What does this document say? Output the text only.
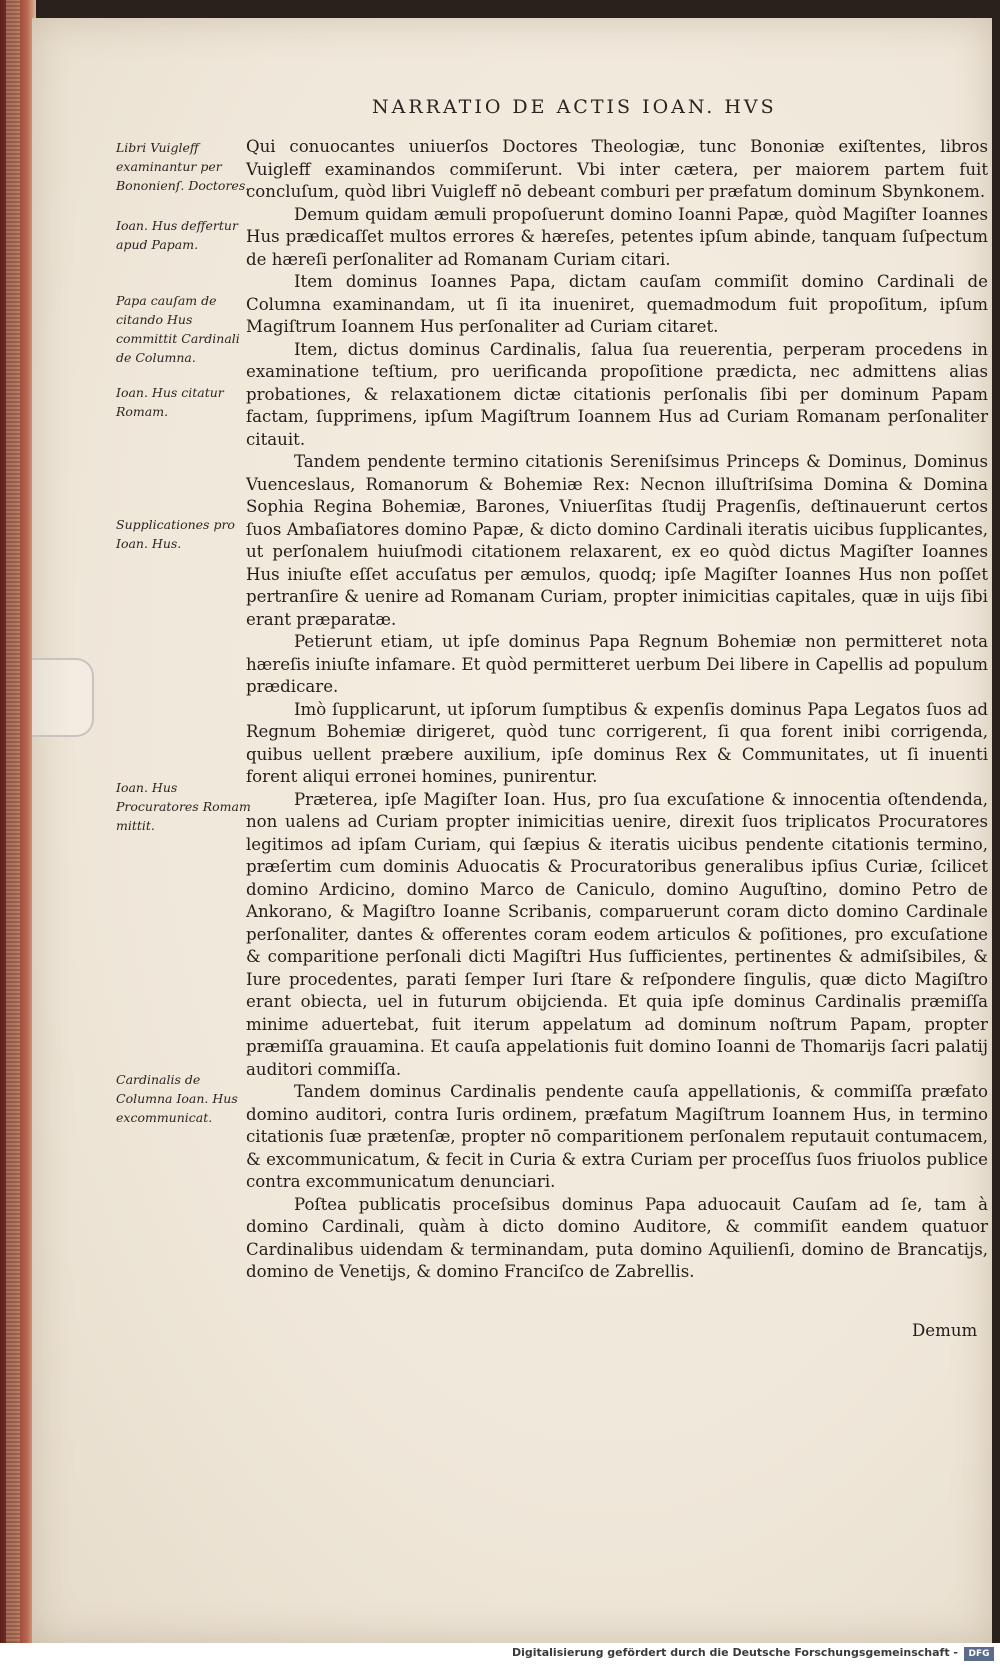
NARRATIO DE ACTIS IOAN. HVS
Libri Vuigleff examinantur per Bononienſ. Doctores.
Ioan. Hus deffertur apud Papam.
Papa cauſam de citando Hus committit Cardinali de Columna.
Ioan. Hus citatur Romam.
Supplicationes pro Ioan. Hus.
Ioan. Hus Procuratores Romam mittit.
Cardinalis de Columna Ioan. Hus excommunicat.

Qui conuocantes uniuerſos Doctores Theologiæ, tunc Bononiæ exiſtentes, libros Vuigleff examinandos commiſerunt. Vbi inter cætera, per maiorem partem fuit concluſum, quòd libri Vuigleff nō debeant comburi per præfatum dominum Sbynkonem.

Demum quidam æmuli propoſuerunt domino Ioanni Papæ, quòd Magiſter Ioannes Hus prædicaſſet multos errores & hæreſes, petentes ipſum abinde, tanquam ſuſpectum de hæreſi perſonaliter ad Romanam Curiam citari.

Item dominus Ioannes Papa, dictam cauſam commiſit domino Cardinali de Columna examinandam, ut ſi ita inueniret, quemadmodum fuit propoſitum, ipſum Magiſtrum Ioannem Hus perſonaliter ad Curiam citaret.

Item, dictus dominus Cardinalis, ſalua ſua reuerentia, perperam procedens in examinatione teſtium, pro uerificanda propoſitione prædicta, nec admittens alias probationes, & relaxationem dictæ citationis perſonalis ſibi per dominum Papam factam, ſupprimens, ipſum Magiſtrum Ioannem Hus ad Curiam Romanam perſonaliter citauit.

Tandem pendente termino citationis Sereniſsimus Princeps & Dominus, Dominus Vuenceslaus, Romanorum & Bohemiæ Rex: Necnon illuſtriſsima Domina & Domina Sophia Regina Bohemiæ, Barones, Vniuerſitas ſtudij Pragenſis, deſtinauerunt certos ſuos Ambaſiatores domino Papæ, & dicto domino Cardinali iteratis uicibus ſupplicantes, ut perſonalem huiuſmodi citationem relaxarent, ex eo quòd dictus Magiſter Ioannes Hus iniuſte eſſet accuſatus per æmulos, quodq; ipſe Magiſter Ioannes Hus non poſſet pertranſire & uenire ad Romanam Curiam, propter inimicitias capitales, quæ in uijs ſibi erant præparatæ.

Petierunt etiam, ut ipſe dominus Papa Regnum Bohemiæ non permitteret nota hæreſis iniuſte infamare. Et quòd permitteret uerbum Dei libere in Capellis ad populum prædicare.

Imò ſupplicarunt, ut ipſorum ſumptibus & expenſis dominus Papa Legatos ſuos ad Regnum Bohemiæ dirigeret, quòd tunc corrigerent, ſi qua forent inibi corrigenda, quibus uellent præbere auxilium, ipſe dominus Rex & Communitates, ut ſi inuenti forent aliqui erronei homines, punirentur.

Præterea, ipſe Magiſter Ioan. Hus, pro ſua excuſatione & innocentia oſtendenda, non ualens ad Curiam propter inimicitias uenire, direxit ſuos triplicatos Procuratores legitimos ad ipſam Curiam, qui ſæpius & iteratis uicibus pendente citationis termino, præſertim cum dominis Aduocatis & Procuratoribus generalibus ipſius Curiæ, ſcilicet domino Ardicino, domino Marco de Caniculo, domino Auguſtino, domino Petro de Ankorano, & Magiſtro Ioanne Scribanis, comparuerunt coram dicto domino Cardinale perſonaliter, dantes & offerentes coram eodem articulos & poſitiones, pro excuſatione & comparitione perſonali dicti Magiſtri Hus ſufficientes, pertinentes & admiſsibiles, & Iure procedentes, parati ſemper Iuri ſtare & reſpondere ſingulis, quæ dicto Magiſtro erant obiecta, uel in futurum obijcienda. Et quia ipſe dominus Cardinalis præmiſſa minime aduertebat, fuit iterum appelatum ad dominum noſtrum Papam, propter præmiſſa grauamina. Et cauſa appelationis fuit domino Ioanni de Thomarijs ſacri palatij auditori commiſſa.

Tandem dominus Cardinalis pendente cauſa appellationis, & commiſſa præfato domino auditori, contra Iuris ordinem, præfatum Magiſtrum Ioannem Hus, in termino citationis ſuæ prætenſæ, propter nō comparitionem perſonalem reputauit contumacem, & excommunicatum, & fecit in Curia & extra Curiam per proceſſus ſuos friuolos publice contra excommunicatum denunciari.

Poſtea publicatis proceſsibus dominus Papa aduocauit Cauſam ad ſe, tam à domino Cardinali, quàm à dicto domino Auditore, & commiſit eandem quatuor Cardinalibus uidendam & terminandam, puta domino Aquilienſi, domino de Brancatijs, domino de Venetijs, & domino Franciſco de Zabrellis.

Demum
Digitalisierung gefördert durch die Deutsche Forschungsgemeinschaft -	DFG
